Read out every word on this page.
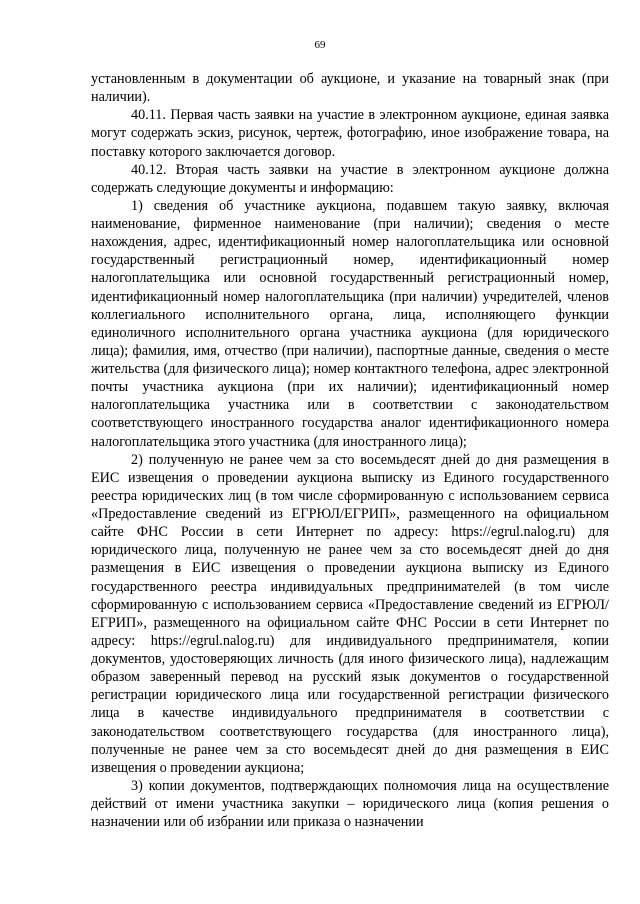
69

установленным в документации об аукционе, и указание на товарный знак (при наличии).

40.11. Первая часть заявки на участие в электронном аукционе, единая заявка могут содержать эскиз, рисунок, чертеж, фотографию, иное изображение товара, на поставку которого заключается договор.

40.12. Вторая часть заявки на участие в электронном аукционе должна содержать следующие документы и информацию:

1) сведения об участнике аукциона, подавшем такую заявку, включая наименование, фирменное наименование (при наличии); сведения о месте нахождения, адрес, идентификационный номер налогоплательщика или основной государственный регистрационный номер, идентификационный номер налогоплательщика или основной государственный регистрационный номер, идентификационный номер налогоплательщика (при наличии) учредителей, членов коллегиального исполнительного органа, лица, исполняющего функции единоличного исполнительного органа участника аукциона (для юридического лица); фамилия, имя, отчество (при наличии), паспортные данные, сведения о месте жительства (для физического лица); номер контактного телефона, адрес электронной почты участника аукциона (при их наличии); идентификационный номер налогоплательщика участника или в соответствии с законодательством соответствующего иностранного государства аналог идентификационного номера налогоплательщика этого участника (для иностранного лица);

2) полученную не ранее чем за сто восемьдесят дней до дня размещения в ЕИС извещения о проведении аукциона выписку из Единого государственного реестра юридических лиц (в том числе сформированную с использованием сервиса «Предоставление сведений из ЕГРЮЛ/ЕГРИП», размещенного на официальном сайте ФНС России в сети Интернет по адресу: https://egrul.nalog.ru) для юридического лица, полученную не ранее чем за сто восемьдесят дней до дня размещения в ЕИС извещения о проведении аукциона выписку из Единого государственного реестра индивидуальных предпринимателей (в том числе сформированную с использованием сервиса «Предоставление сведений из ЕГРЮЛ/ЕГРИП», размещенного на официальном сайте ФНС России в сети Интернет по адресу: https://egrul.nalog.ru) для индивидуального предпринимателя, копии документов, удостоверяющих личность (для иного физического лица), надлежащим образом заверенный перевод на русский язык документов о государственной регистрации юридического лица или государственной регистрации физического лица в качестве индивидуального предпринимателя в соответствии с законодательством соответствующего государства (для иностранного лица), полученные не ранее чем за сто восемьдесят дней до дня размещения в ЕИС извещения о проведении аукциона;

3) копии документов, подтверждающих полномочия лица на осуществление действий от имени участника закупки – юридического лица (копия решения о назначении или об избрании или приказа о назначении
